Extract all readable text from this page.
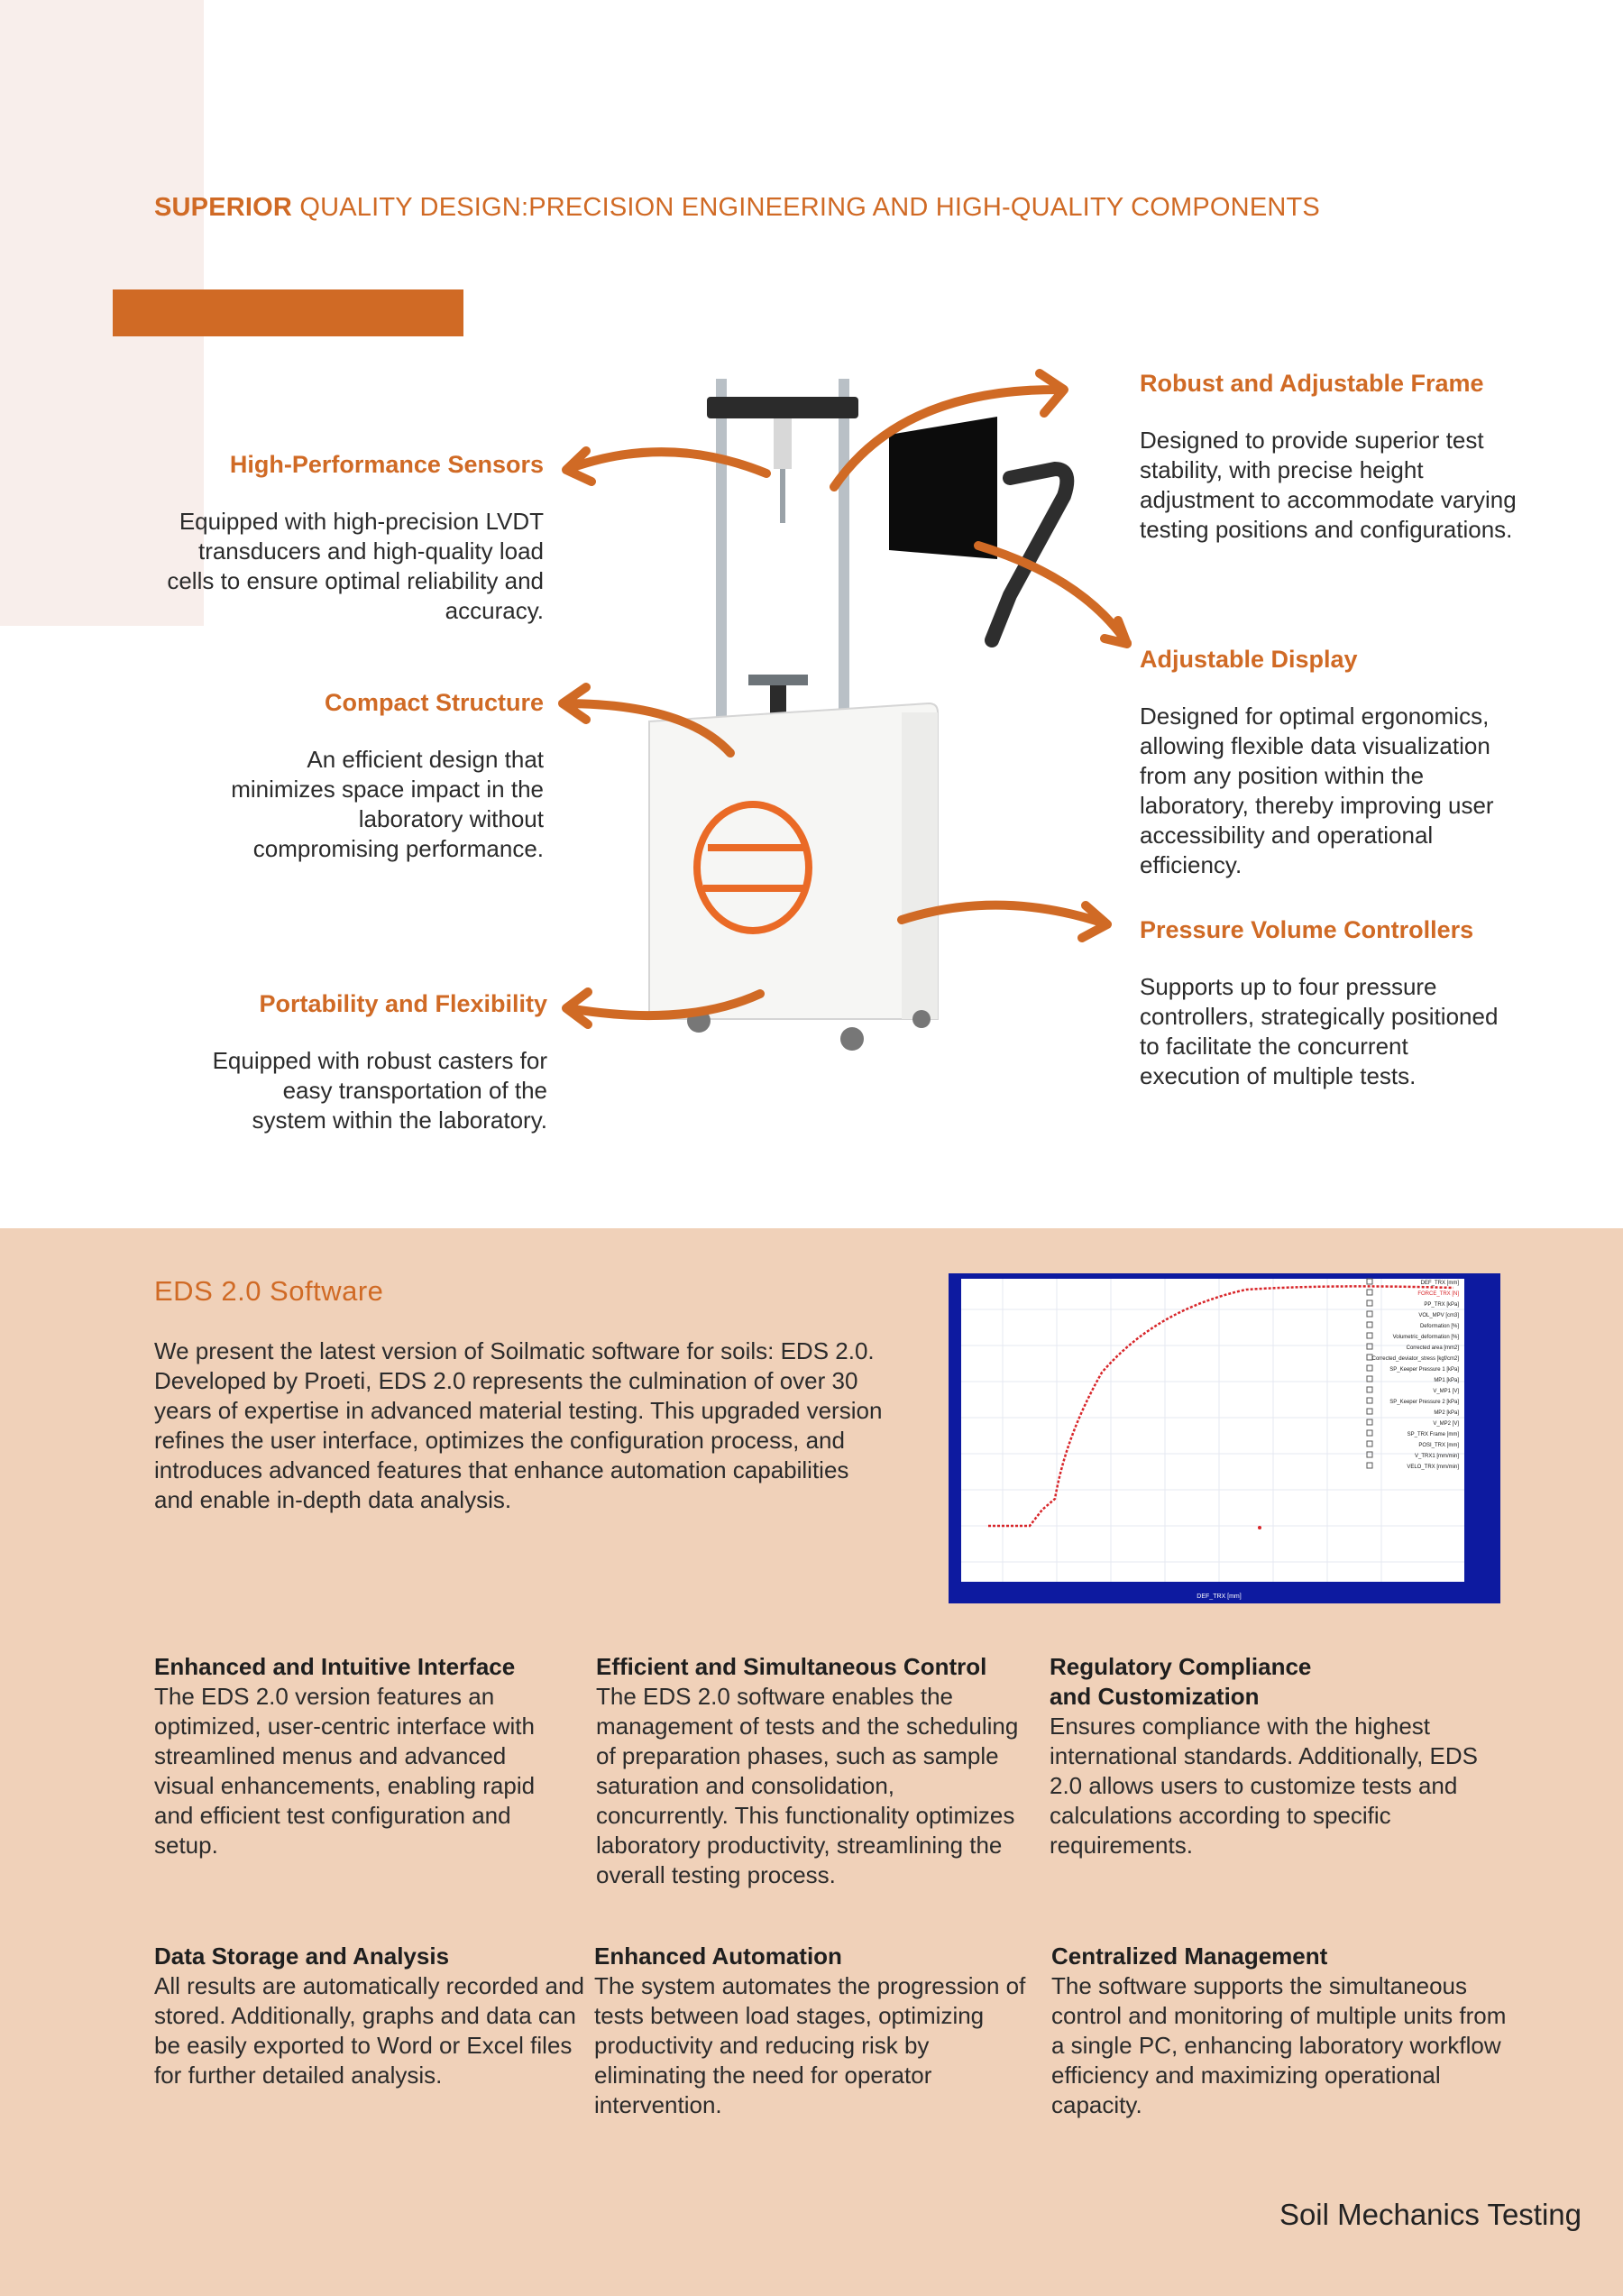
SUPERIOR QUALITY DESIGN:PRECISION ENGINEERING AND HIGH-QUALITY COMPONENTS
High-Performance Sensors
Equipped with high-precision LVDT transducers and high-quality load cells to ensure optimal reliability and accuracy.
Compact Structure
An efficient design that minimizes space impact in the laboratory without compromising performance.
Portability and Flexibility
Equipped with robust casters for easy transportation of the system within the laboratory.
Robust and Adjustable Frame
Designed to provide superior test stability, with precise height adjustment to accommodate varying testing positions and configurations.
Adjustable Display
Designed for optimal ergonomics, allowing flexible data visualization from any position within the laboratory, thereby improving user accessibility and operational efficiency.
Pressure Volume Controllers
Supports up to four pressure controllers, strategically positioned to facilitate the concurrent execution of multiple tests.
EDS 2.0 Software
We present the latest version of Soilmatic software for soils: EDS 2.0. Developed by Proeti, EDS 2.0 represents the culmination of over 30 years of expertise in advanced material testing. This upgraded version refines the user interface, optimizes the configuration process, and introduces advanced features that enhance automation capabilities and enable in-depth data analysis.
DEF_TRX [mm]
FORCE_TRX [N]
PP_TRX [kPa]
VOL_MPV [cm3]
Deformation [%]
Volumetric_deformation [%]
Corrected area [mm2]
Corrected_deviator_stress [kgf/cm2]
SP_Keeper Pressure 1 [kPa]
MP1 [kPa]
V_MP1 [V]
SP_Keeper Pressure 2 [kPa]
MP2 [kPa]
V_MP2 [V]
SP_TRX Frame [mm]
POSI_TRX [mm]
V_TRX1 [mm/min]
VELO_TRX [mm/min]
DEF_TRX [mm]
Enhanced and Intuitive Interface
The EDS 2.0 version features an optimized, user-centric interface with streamlined menus and advanced visual enhancements, enabling rapid and efficient test configuration and setup.
Efficient and Simultaneous Control
The EDS 2.0 software enables the management of tests and the scheduling of preparation phases, such as sample saturation and consolidation, concurrently. This functionality optimizes laboratory productivity, streamlining the overall testing process.
Regulatory Compliance and Customization
Ensures compliance with the highest international standards. Additionally, EDS 2.0 allows users to customize tests and calculations according to specific requirements.
Data Storage and Analysis
All results are automatically recorded and stored. Additionally, graphs and data can be easily exported to Word or Excel files for further detailed analysis.
Enhanced Automation
The system automates the progression of tests between load stages, optimizing productivity and reducing risk by eliminating the need for operator intervention.
Centralized Management
The software supports the simultaneous control and monitoring of multiple units from a single PC, enhancing laboratory workflow efficiency and maximizing operational capacity.
Soil Mechanics Testing
